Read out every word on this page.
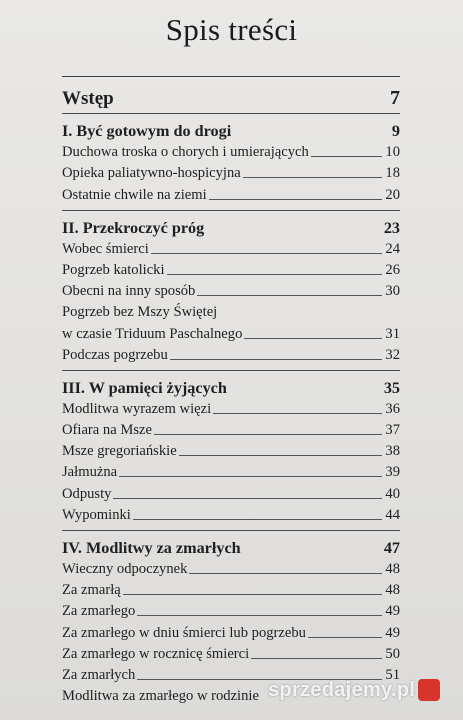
Spis treści
Wstęp	7
I. Być gotowym do drogi	9
Duchowa troska o chorych i umierających	10
Opieka paliatywno-hospicyjna	18
Ostatnie chwile na ziemi	20
II. Przekroczyć próg	23
Wobec śmierci	24
Pogrzeb katolicki	26
Obecni na inny sposób	30
Pogrzeb bez Mszy Świętej
w czasie Triduum Paschalnego	31
Podczas pogrzebu	32
III. W pamięci żyjących	35
Modlitwa wyrazem więzi	36
Ofiara na Msze	37
Msze gregoriańskie	38
Jałmużna	39
Odpusty	40
Wypominki	44
IV. Modlitwy za zmarłych	47
Wieczny odpoczynek	48
Za zmarłą	48
Za zmarłego	49
Za zmarłego w dniu śmierci lub pogrzebu	49
Za zmarłego w rocznicę śmierci	50
Za zmarłych	51
Modlitwa za zmarłego w rodzinie sprzedajemy.pl
